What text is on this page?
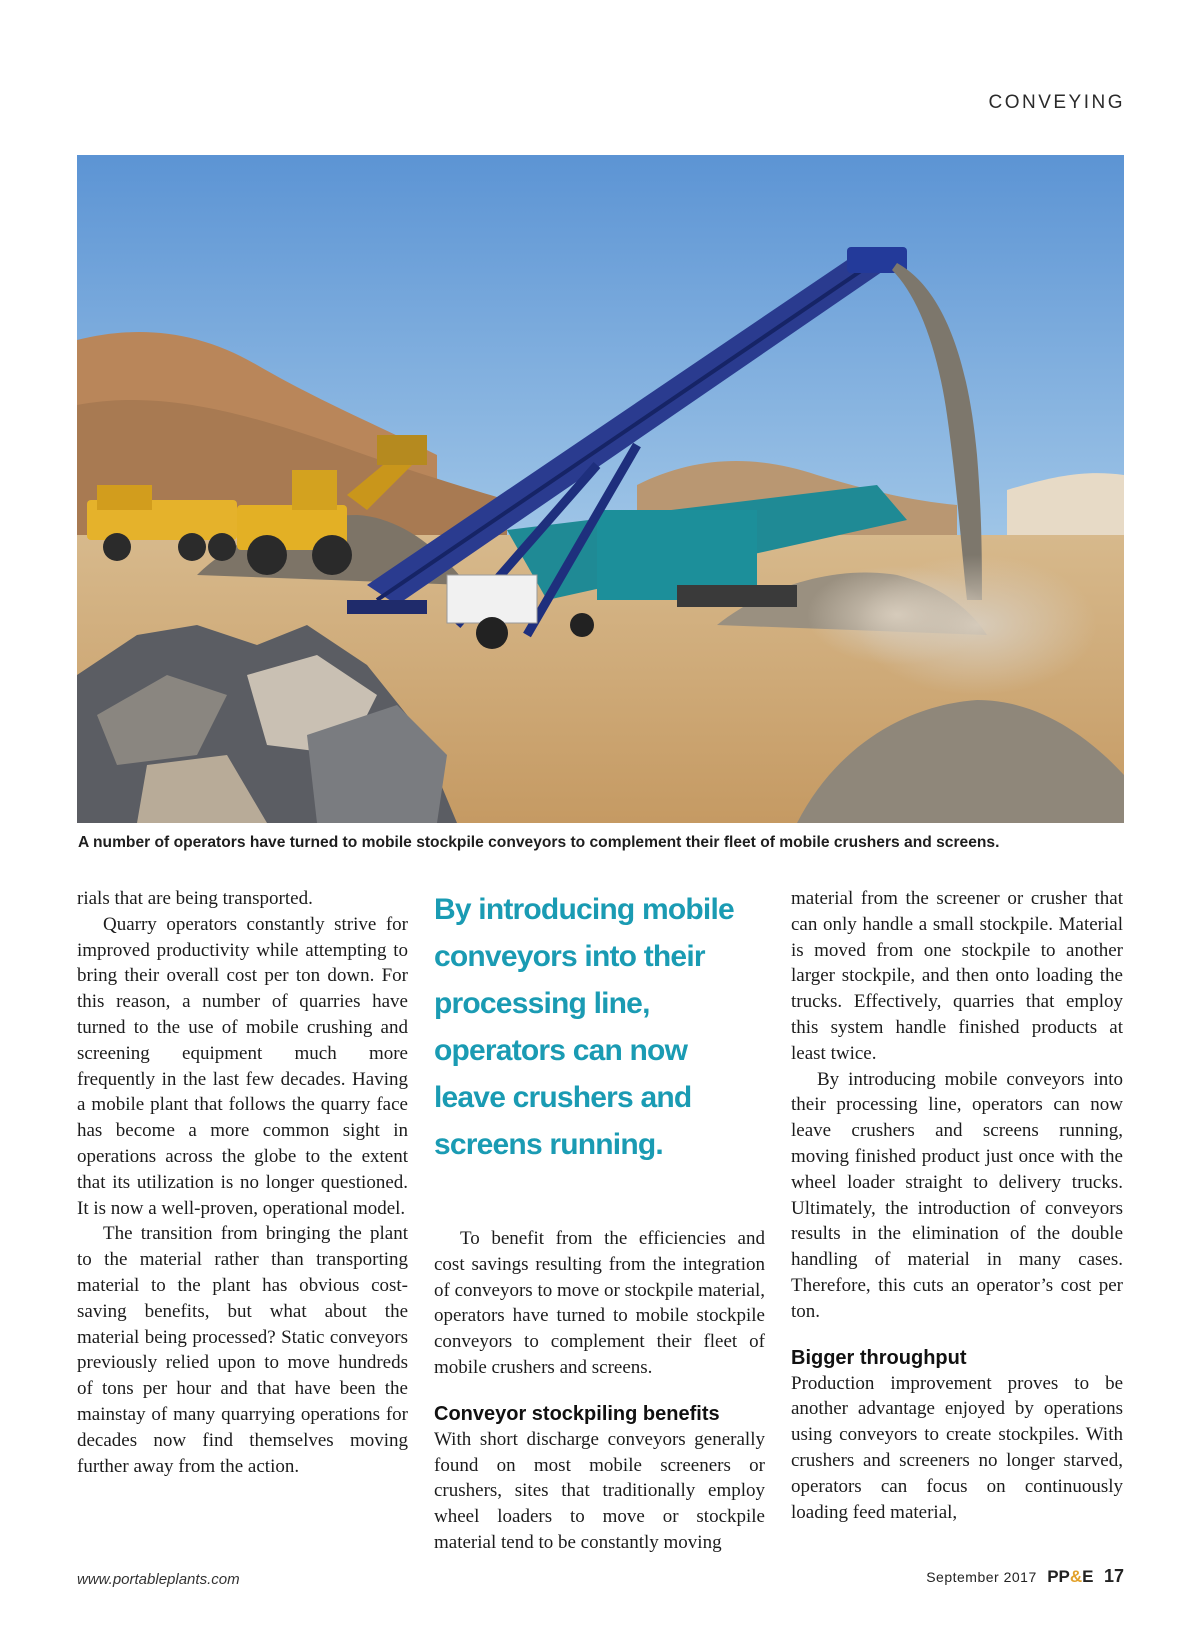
CONVEYING
A number of operators have turned to mobile stockpile conveyors to complement their fleet of mobile crushers and screens.

rials that are being transported.

Quarry operators constantly strive for improved productivity while attempting to bring their overall cost per ton down. For this reason, a number of quarries have turned to the use of mobile crushing and screening equipment much more frequently in the last few decades. Having a mobile plant that follows the quarry face has become a more common sight in operations across the globe to the extent that its utilization is no longer questioned. It is now a well-proven, operational model.

The transition from bringing the plant to the material rather than transporting material to the plant has obvious cost-saving benefits, but what about the material being processed? Static conveyors previously relied upon to move hundreds of tons per hour and that have been the mainstay of many quarrying operations for decades now find themselves moving further away from the action.

By introducing mobile conveyors into their processing line, operators can now leave crushers and screens running.

To benefit from the efficiencies and cost savings resulting from the integration of conveyors to move or stockpile material, operators have turned to mobile stockpile conveyors to complement their fleet of mobile crushers and screens.

Conveyor stockpiling benefits

With short discharge conveyors generally found on most mobile screeners or crushers, sites that traditionally employ wheel loaders to move or stockpile material tend to be constantly moving

material from the screener or crusher that can only handle a small stockpile. Material is moved from one stockpile to another larger stockpile, and then onto loading the trucks. Effectively, quarries that employ this system handle finished products at least twice.

By introducing mobile conveyors into their processing line, operators can now leave crushers and screens running, moving finished product just once with the wheel loader straight to delivery trucks. Ultimately, the introduction of conveyors results in the elimination of the double handling of material in many cases. Therefore, this cuts an operator’s cost per ton.

Bigger throughput

Production improvement proves to be another advantage enjoyed by operations using conveyors to create stockpiles. With crushers and screeners no longer starved, operators can focus on continuously loading feed material,

www.portableplants.com	September 2017 PP&E 17
